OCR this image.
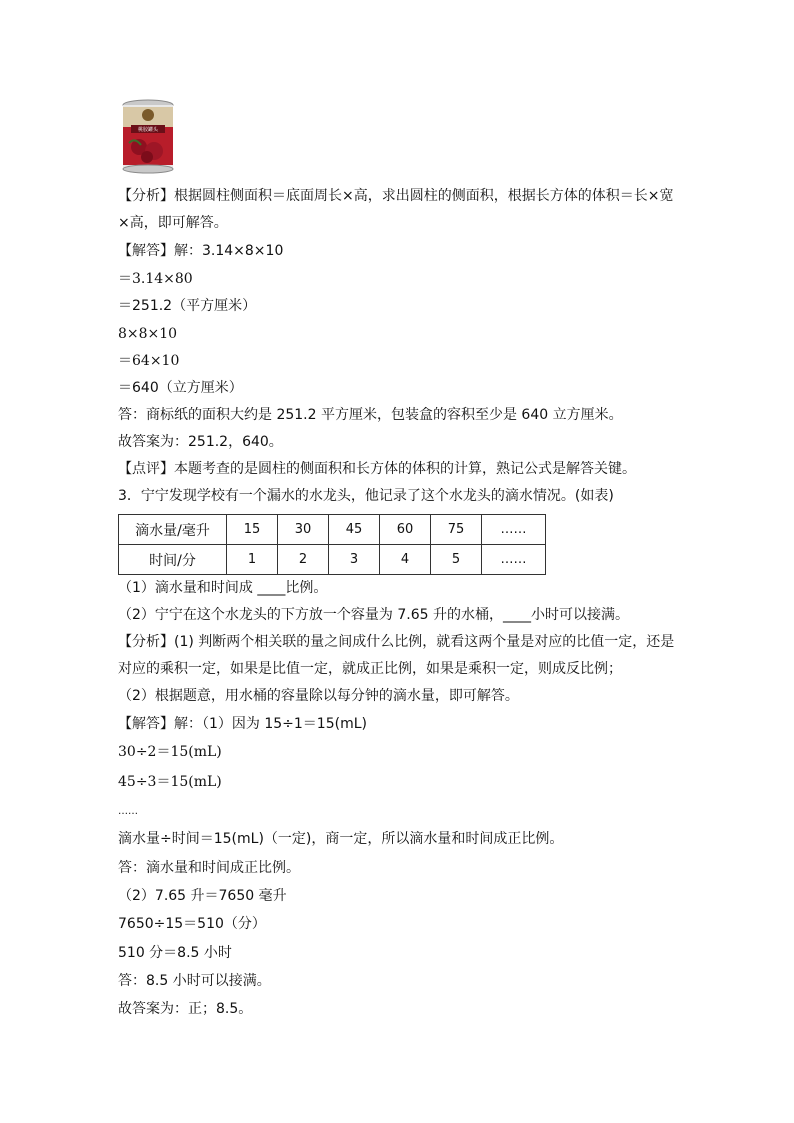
桃胶罐头
【分析】根据圆柱侧面积＝底面周长×高，求出圆柱的侧面积，根据长方体的体积＝长×宽
×高，即可解答。
【解答】解：3.14×8×10
＝3.14×80
＝251.2（平方厘米）
8×8×10
＝64×10
＝640（立方厘米）
答：商标纸的面积大约是 251.2 平方厘米，包装盒的容积至少是 640 立方厘米。
故答案为：251.2，640。
【点评】本题考查的是圆柱的侧面积和长方体的体积的计算，熟记公式是解答关键。
3．宁宁发现学校有一个漏水的水龙头，他记录了这个水龙头的滴水情况。(如表)
滴水量/毫升	15	30	45	60	75	……
时间/分	1	2	3	4	5	……
（1）滴水量和时间成 ____比例。
（2）宁宁在这个水龙头的下方放一个容量为 7.65 升的水桶，____小时可以接满。
【分析】(1) 判断两个相关联的量之间成什么比例，就看这两个量是对应的比值一定，还是
对应的乘积一定，如果是比值一定，就成正比例，如果是乘积一定，则成反比例；
（2）根据题意，用水桶的容量除以每分钟的滴水量，即可解答。
【解答】解：（1）因为 15÷1＝15(mL)
30÷2＝15(mL)
45÷3＝15(mL)
……
滴水量÷时间＝15(mL)（一定)，商一定，所以滴水量和时间成正比例。
答：滴水量和时间成正比例。
（2）7.65 升＝7650 毫升
7650÷15＝510（分）
510 分＝8.5 小时
答：8.5 小时可以接满。
故答案为：正；8.5。
